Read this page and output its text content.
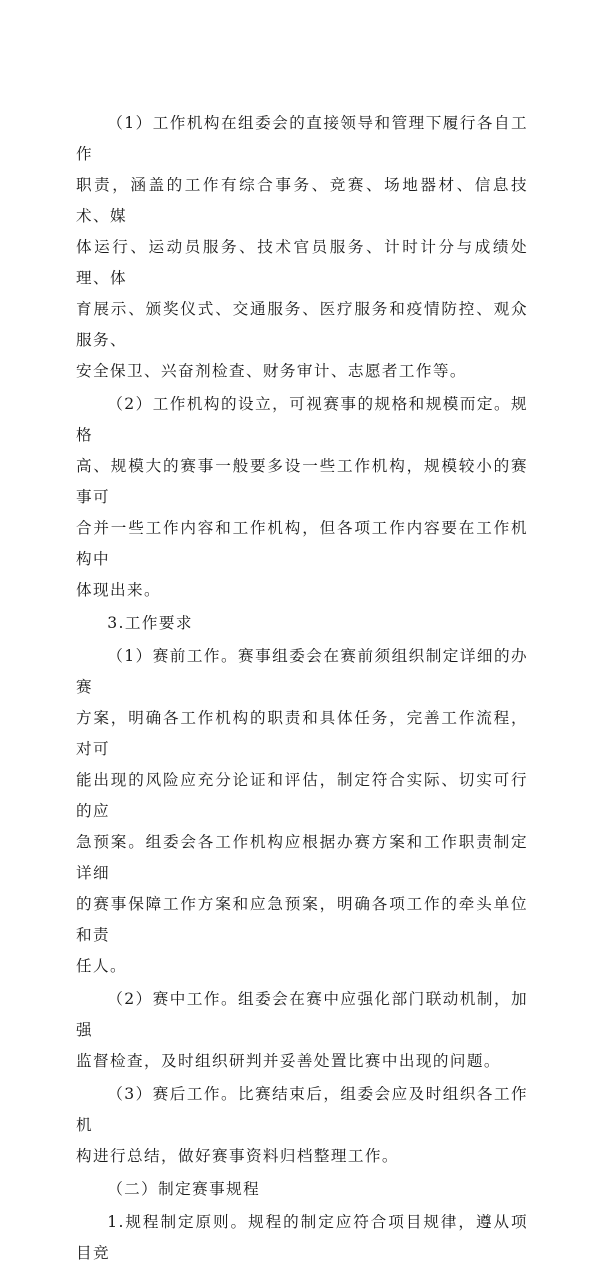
（1）工作机构在组委会的直接领导和管理下履行各自工作
职责，涵盖的工作有综合事务、竞赛、场地器材、信息技术、媒
体运行、运动员服务、技术官员服务、计时计分与成绩处理、体
育展示、颁奖仪式、交通服务、医疗服务和疫情防控、观众服务、
安全保卫、兴奋剂检查、财务审计、志愿者工作等。
（2）工作机构的设立，可视赛事的规格和规模而定。规格
高、规模大的赛事一般要多设一些工作机构，规模较小的赛事可
合并一些工作内容和工作机构，但各项工作内容要在工作机构中
体现出来。
3.工作要求
（1）赛前工作。赛事组委会在赛前须组织制定详细的办赛
方案，明确各工作机构的职责和具体任务，完善工作流程，对可
能出现的风险应充分论证和评估，制定符合实际、切实可行的应
急预案。组委会各工作机构应根据办赛方案和工作职责制定详细
的赛事保障工作方案和应急预案，明确各项工作的牵头单位和责
任人。
（2）赛中工作。组委会在赛中应强化部门联动机制，加强
监督检查，及时组织研判并妥善处置比赛中出现的问题。
（3）赛后工作。比赛结束后，组委会应及时组织各工作机
构进行总结，做好赛事资料归档整理工作。
（二）制定赛事规程
1.规程制定原则。规程的制定应符合项目规律，遵从项目竞
